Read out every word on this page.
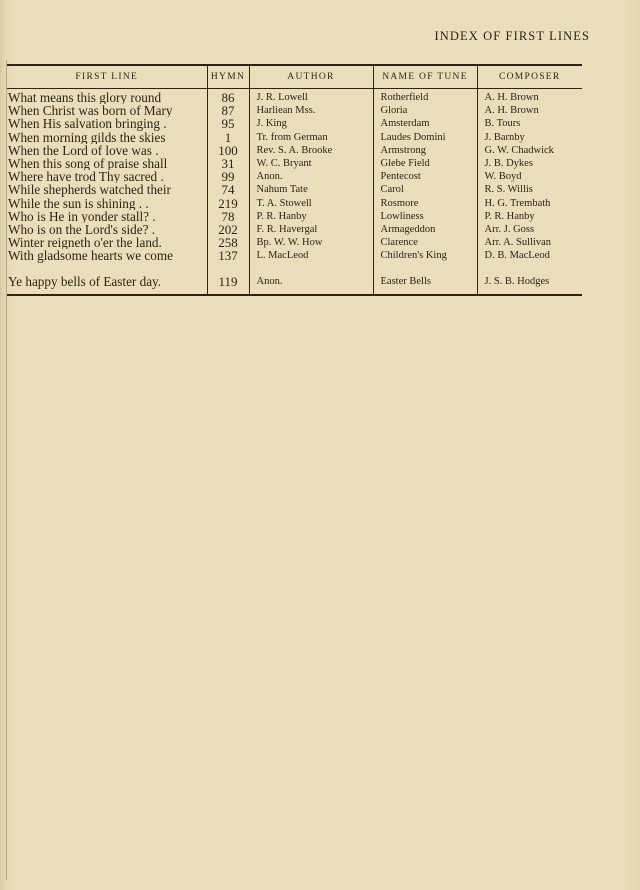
INDEX OF FIRST LINES
FIRST LINE	HYMN	AUTHOR	NAME OF TUNE	COMPOSER
What means this glory round	86	J. R. Lowell	Rotherfield	A. H. Brown
When Christ was born of Mary	87	Harliean Mss.	Gloria	A. H. Brown
When His salvation bringing .	95	J. King	Amsterdam	B. Tours
When morning gilds the skies	1	Tr. from German	Laudes Domini	J. Barnby
When the Lord of love was .	100	Rev. S. A. Brooke	Armstrong	G. W. Chadwick
When this song of praise shall	31	W. C. Bryant	Glebe Field	J. B. Dykes
Where have trod Thy sacred .	99	Anon.	Pentecost	W. Boyd
While shepherds watched their	74	Nahum Tate	Carol	R. S. Willis
While the sun is shining . .	219	T. A. Stowell	Rosmore	H. G. Trembath
Who is He in yonder stall? .	78	P. R. Hanby	Lowliness	P. R. Hanby
Who is on the Lord's side? .	202	F. R. Havergal	Armageddon	Arr. J. Goss
Winter reigneth o'er the land.	258	Bp. W. W. How	Clarence	Arr. A. Sullivan
With gladsome hearts we come	137	L. MacLeod	Children's King	D. B. MacLeod

Ye happy bells of Easter day.	119	Anon.	Easter Bells	J. S. B. Hodges
